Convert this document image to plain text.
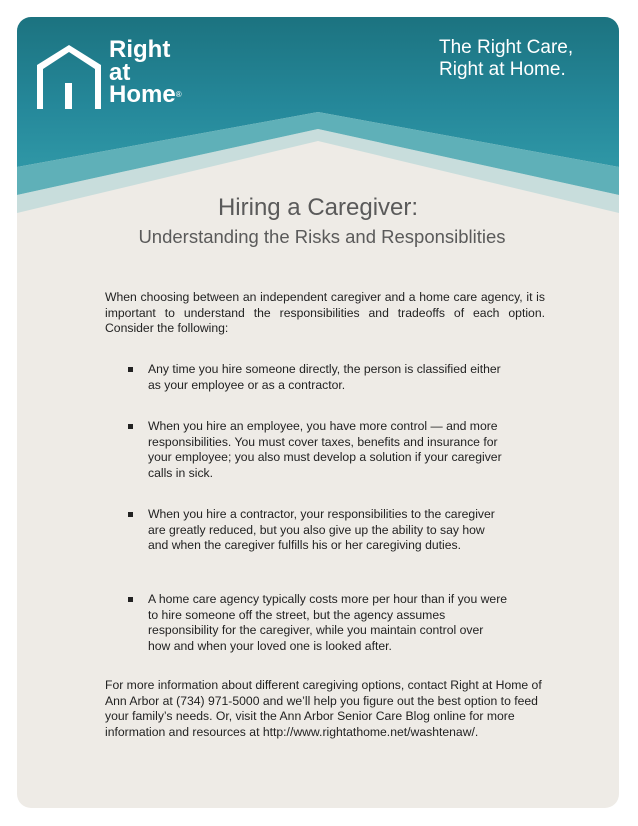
Right
at
Home®
The Right Care,
Right at Home.
Hiring a Caregiver:
Understanding the Risks and Responsiblities
When choosing between an independent caregiver and a home care agency, it is important to understand the responsibilities and tradeoffs of each option. Consider the following:
Any time you hire someone directly, the person is classified either as your employee or as a contractor.
When you hire an employee, you have more control — and more responsibilities. You must cover taxes, benefits and insurance for your employee; you also must develop a solution if your caregiver calls in sick.
When you hire a contractor, your responsibilities to the caregiver are greatly reduced, but you also give up the ability to say how and when the caregiver fulfills his or her caregiving duties.
A home care agency typically costs more per hour than if you were to hire someone off the street, but the agency assumes responsibility for the caregiver, while you maintain control over how and when your loved one is looked after.
For more information about different caregiving options, contact Right at Home of Ann Arbor at (734) 971-5000 and we’ll help you figure out the best option to feed your family’s needs. Or, visit the Ann Arbor Senior Care Blog online for more information and resources at http://www.rightathome.net/washtenaw/.
